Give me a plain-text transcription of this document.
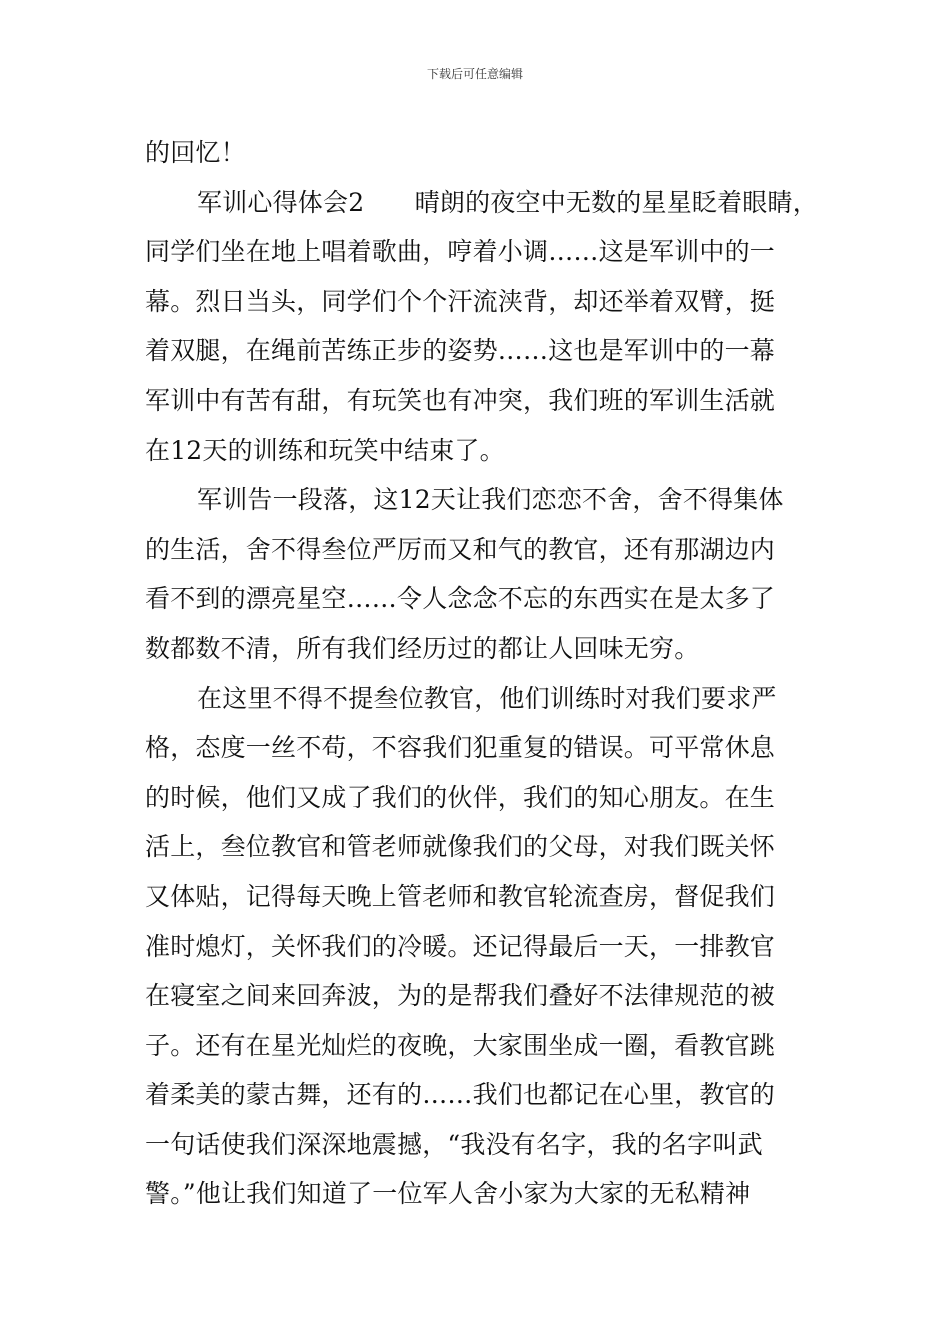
下载后可任意编辑
的回忆！
军训心得体会2　　晴朗的夜空中无数的星星眨着眼睛，
同学们坐在地上唱着歌曲，哼着小调……这是军训中的一
幕。烈日当头，同学们个个汗流浃背，却还举着双臂，挺
着双腿，在绳前苦练正步的姿势……这也是军训中的一幕
军训中有苦有甜，有玩笑也有冲突，我们班的军训生活就
在12天的训练和玩笑中结束了。
军训告一段落，这12天让我们恋恋不舍，舍不得集体
的生活，舍不得叁位严厉而又和气的教官，还有那湖边内
看不到的漂亮星空……令人念念不忘的东西实在是太多了
数都数不清，所有我们经历过的都让人回味无穷。
在这里不得不提叁位教官，他们训练时对我们要求严
格，态度一丝不苟，不容我们犯重复的错误。可平常休息
的时候，他们又成了我们的伙伴，我们的知心朋友。在生
活上，叁位教官和管老师就像我们的父母，对我们既关怀
又体贴，记得每天晚上管老师和教官轮流查房，督促我们
准时熄灯，关怀我们的冷暖。还记得最后一天，一排教官
在寝室之间来回奔波，为的是帮我们叠好不法律规范的被
子。还有在星光灿烂的夜晚，大家围坐成一圈，看教官跳
着柔美的蒙古舞，还有的……我们也都记在心里，教官的
一句话使我们深深地震撼，“我没有名字，我的名字叫武
警。”他让我们知道了一位军人舍小家为大家的无私精神
